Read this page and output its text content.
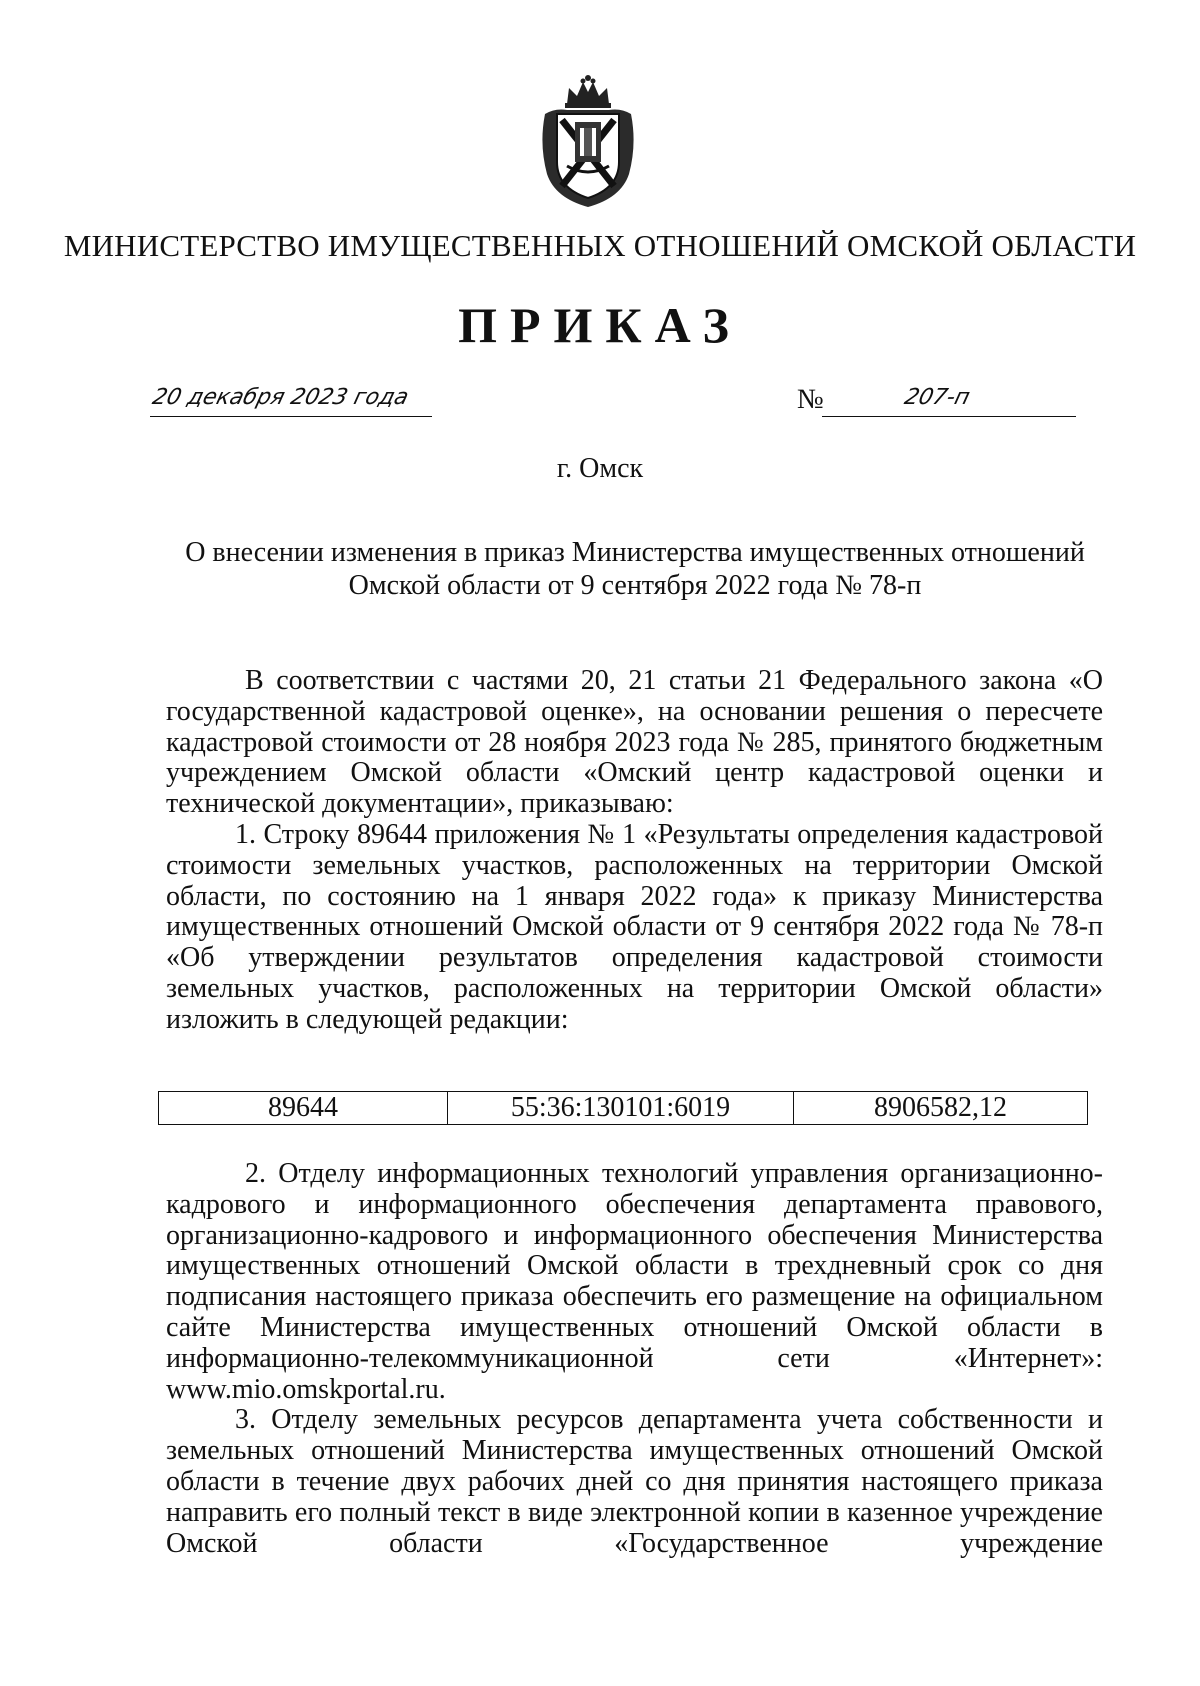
МИНИСТЕРСТВО ИМУЩЕСТВЕННЫХ ОТНОШЕНИЙ ОМСКОЙ ОБЛАСТИ
ПРИКАЗ
20 декабря 2023 года	№	207-п
г. Омск
О внесении изменения в приказ Министерства имущественных отношений
Омской области от 9 сентября 2022 года № 78-п

В соответствии с частями 20, 21 статьи 21 Федерального закона «О государственной кадастровой оценке», на основании решения о пересчете кадастровой стоимости от 28 ноября 2023 года № 285, принятого бюджетным учреждением Омской области «Омский центр кадастровой оценки и технической документации», приказываю:

1. Строку 89644 приложения № 1 «Результаты определения кадастровой стоимости земельных участков, расположенных на территории Омской области, по состоянию на 1 января 2022 года» к приказу Министерства имущественных отношений Омской области от 9 сентября 2022 года № 78-п «Об утверждении результатов определения кадастровой стоимости земельных участков, расположенных на территории Омской области» изложить в следующей редакции:

89644	55:36:130101:6019	8906582,12

2. Отделу информационных технологий управления организационно-кадрового и информационного обеспечения департамента правового, организационно-кадрового и информационного обеспечения Министерства имущественных отношений Омской области в трехдневный срок со дня подписания настоящего приказа обеспечить его размещение на официальном сайте Министерства имущественных отношений Омской области в информационно-телекоммуникационной сети «Интернет»: www.mio.omskportal.ru.

3. Отделу земельных ресурсов департамента учета собственности и земельных отношений Министерства имущественных отношений Омской области в течение двух рабочих дней со дня принятия настоящего приказа направить его полный текст в виде электронной копии в казенное учреждение Омской области «Государственное учреждение
